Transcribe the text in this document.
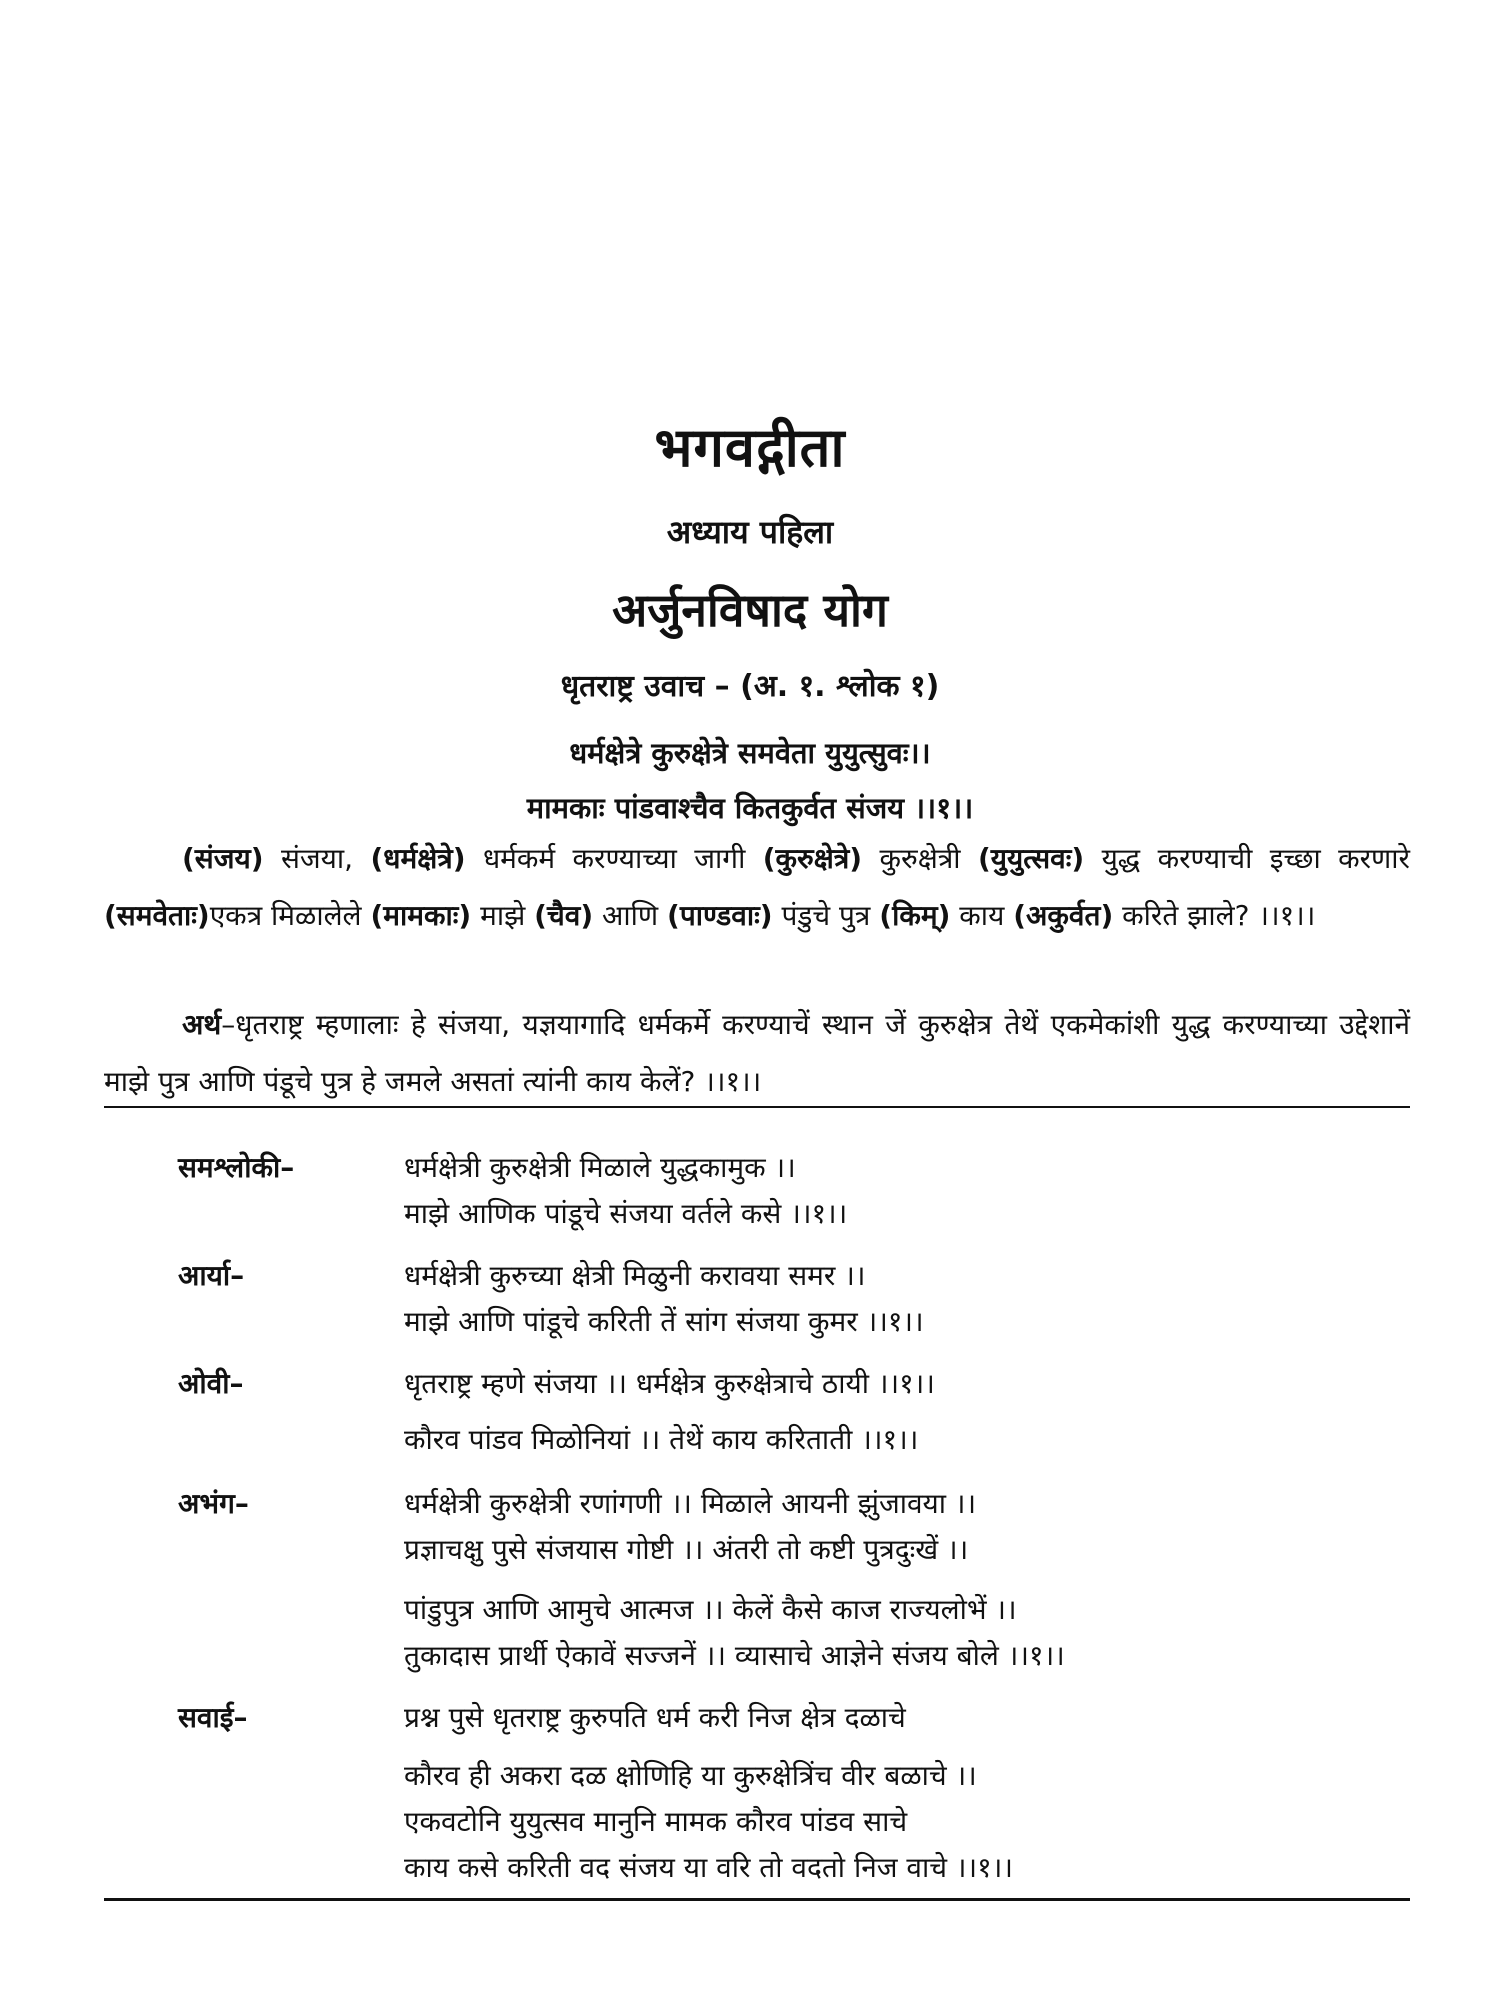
भगवद्गीता
अध्याय पहिला
अर्जुनविषाद योग
धृतराष्ट्र उवाच – (अ. १. श्लोक १)
धर्मक्षेत्रे कुरुक्षेत्रे समवेता युयुत्सुवः।।
मामकाः पांडवाश्चैव कितकुर्वत संजय ।।१।।
(संजय) संजया, (धर्मक्षेत्रे) धर्मकर्म करण्याच्या जागी (कुरुक्षेत्रे) कुरुक्षेत्री (युयुत्सवः) युद्ध करण्याची इच्छा करणारे (समवेताः)एकत्र मिळालेले (मामकाः) माझे (चैव) आणि (पाण्डवाः) पंडुचे पुत्र (किम्) काय (अकुर्वत) करिते झाले? ।।१।।
अर्थ–धृतराष्ट्र म्हणालाः हे संजया, यज्ञयागादि धर्मकर्मे करण्याचें स्थान जें कुरुक्षेत्र तेथें एकमेकांशी युद्ध करण्याच्या उद्देशानें माझे पुत्र आणि पंडूचे पुत्र हे जमले असतां त्यांनी काय केलें? ।।१।।
समश्लोकी–	धर्मक्षेत्री कुरुक्षेत्री मिळाले युद्धकामुक ।।
माझे आणिक पांडूचे संजया वर्तले कसे ।।१।।
आर्या–	धर्मक्षेत्री कुरुच्या क्षेत्री मिळुनी करावया समर ।।
माझे आणि पांडूचे करिती तें सांग संजया कुमर ।।१।।
ओवी–	धृतराष्ट्र म्हणे संजया ।। धर्मक्षेत्र कुरुक्षेत्राचे ठायी ।।१।।
कौरव पांडव मिळोनियां ।। तेथें काय करिताती ।।१।।
अभंग–	धर्मक्षेत्री कुरुक्षेत्री रणांगणी ।। मिळाले आयनी झुंजावया ।।
प्रज्ञाचक्षु पुसे संजयास गोष्टी ।। अंतरी तो कष्टी पुत्रदुःखें ।।
पांडुपुत्र आणि आमुचे आत्मज ।। केलें कैसे काज राज्यलोभें ।।
तुकादास प्रार्थी ऐकावें सज्जनें ।। व्यासाचे आज्ञेने संजय बोले ।।१।।
सवाई–	प्रश्न पुसे धृतराष्ट्र कुरुपति धर्म करी निज क्षेत्र दळाचे
कौरव ही अकरा दळ क्षोणिहि या कुरुक्षेत्रिंच वीर बळाचे ।।
एकवटोनि युयुत्सव मानुनि मामक कौरव पांडव साचे
काय कसे करिती वद संजय या वरि तो वदतो निज वाचे ।।१।।
